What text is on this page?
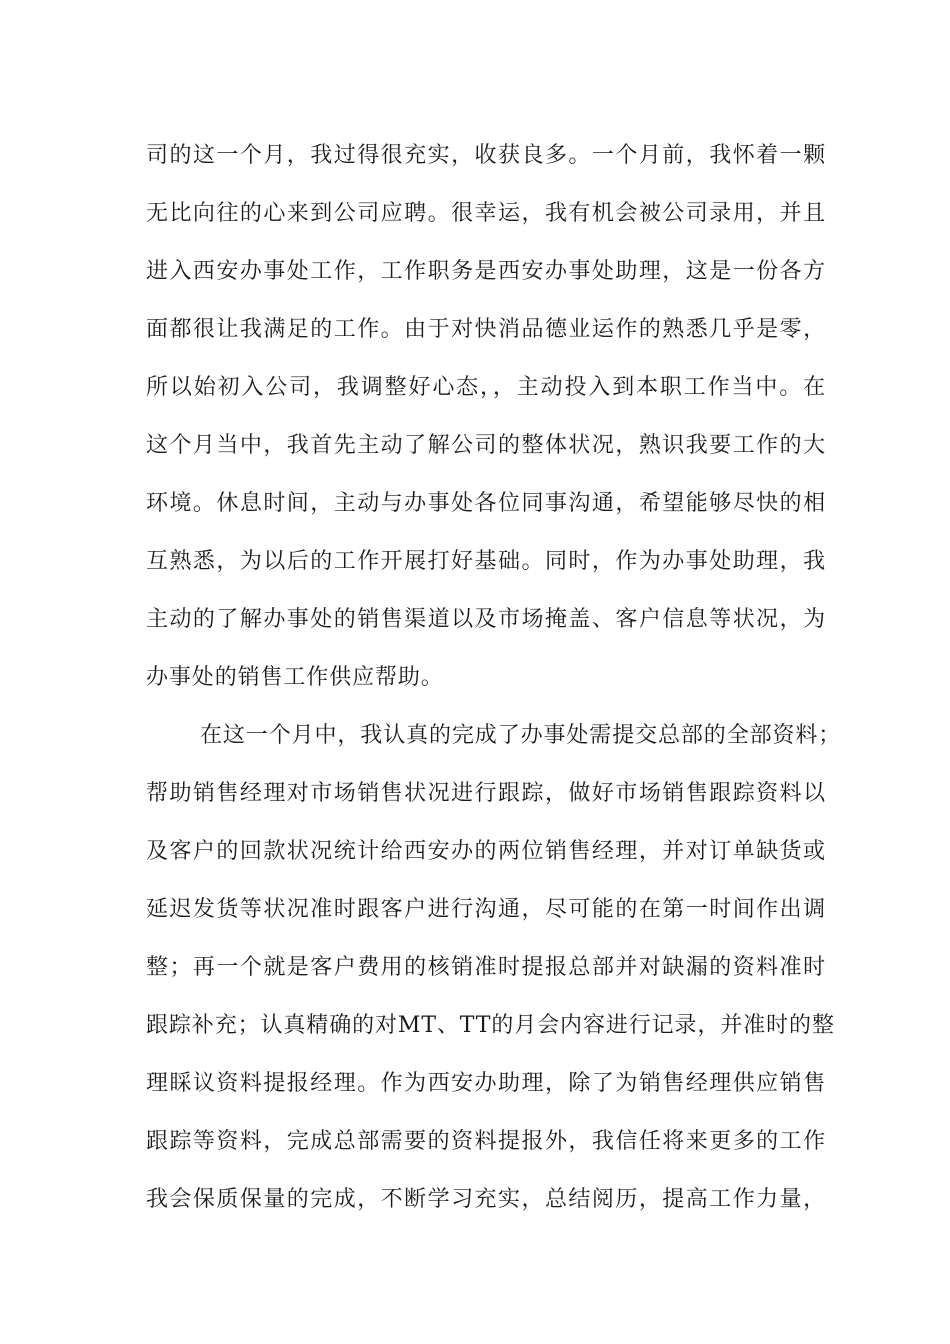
司的这一个月，我过得很充实，收获良多。一个月前，我怀着一颗
无比向往的心来到公司应聘。很幸运，我有机会被公司录用，并且
进入西安办事处工作，工作职务是西安办事处助理，这是一份各方
面都很让我满足的工作。由于对快消品德业运作的熟悉几乎是零，
所以始初入公司，我调整好心态，，主动投入到本职工作当中。在
这个月当中，我首先主动了解公司的整体状况，熟识我要工作的大
环境。休息时间，主动与办事处各位同事沟通，希望能够尽快的相
互熟悉，为以后的工作开展打好基础。同时，作为办事处助理，我
主动的了解办事处的销售渠道以及市场掩盖、客户信息等状况，为
办事处的销售工作供应帮助。
在这一个月中，我认真的完成了办事处需提交总部的全部资料；
帮助销售经理对市场销售状况进行跟踪，做好市场销售跟踪资料以
及客户的回款状况统计给西安办的两位销售经理，并对订单缺货或
延迟发货等状况准时跟客户进行沟通，尽可能的在第一时间作出调
整；再一个就是客户费用的核销准时提报总部并对缺漏的资料准时
跟踪补充；认真精确的对MT、TT的月会内容进行记录，并准时的整
理睬议资料提报经理。作为西安办助理，除了为销售经理供应销售
跟踪等资料，完成总部需要的资料提报外，我信任将来更多的工作
我会保质保量的完成，不断学习充实，总结阅历，提高工作力量，
